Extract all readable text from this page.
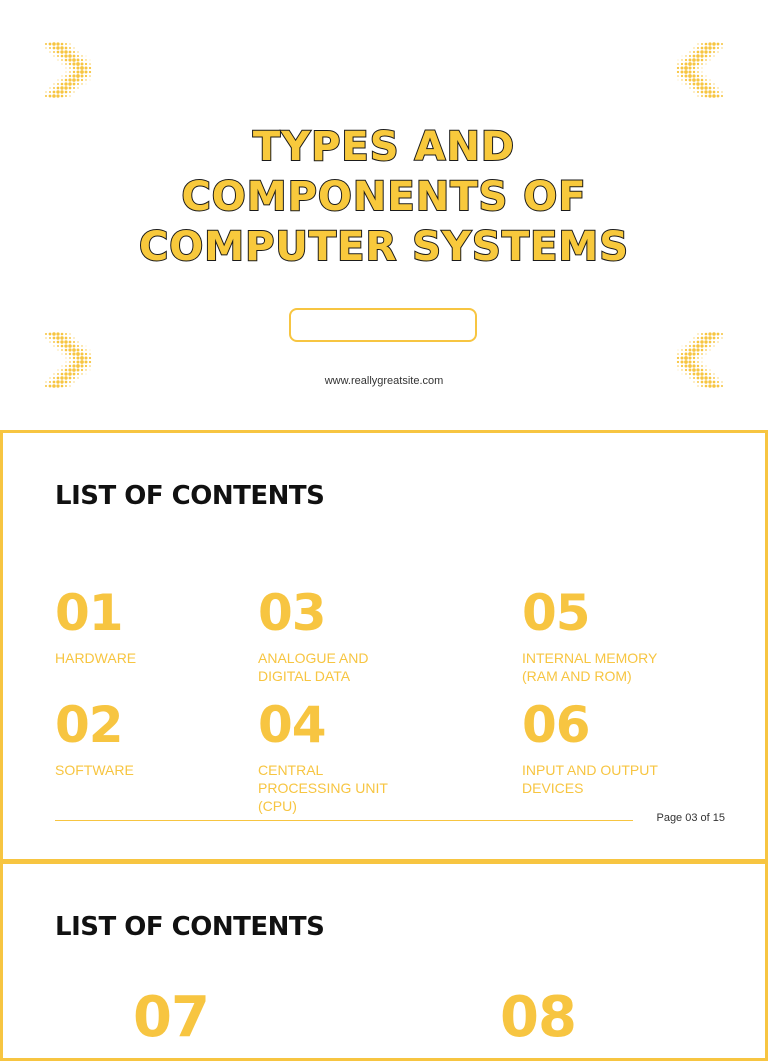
TYPES AND
COMPONENTS OF
COMPUTER SYSTEMS
www.reallygreatsite.com
LIST OF CONTENTS
01
HARDWARE
02
SOFTWARE
03
ANALOGUE AND
DIGITAL DATA
04
CENTRAL
PROCESSING UNIT
(CPU)
05
INTERNAL MEMORY
(RAM AND ROM)
06
INPUT AND OUTPUT
DEVICES
Page 03 of 15
LIST OF CONTENTS
07	08
